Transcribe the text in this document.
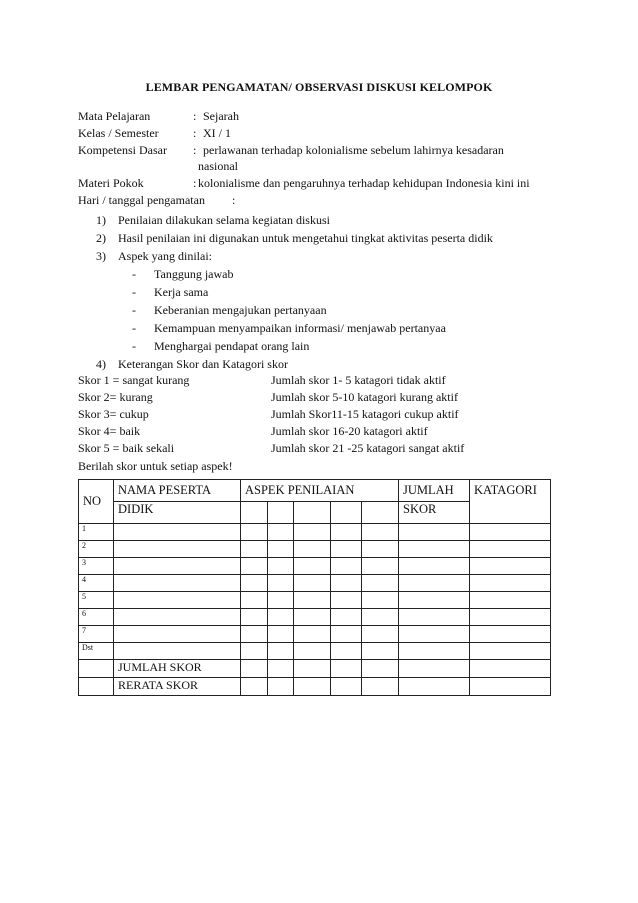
LEMBAR PENGAMATAN/ OBSERVASI DISKUSI KELOMPOK
Mata Pelajaran	: Sejarah
Kelas / Semester	: XI / 1
Kompetensi Dasar : perlawanan terhadap kolonialisme sebelum lahirnya kesadaran
nasional
Materi Pokok	: kolonialisme dan pengaruhnya terhadap kehidupan Indonesia kini ini
Hari / tanggal pengamatan :
1) Penilaian dilakukan selama kegiatan diskusi
2) Hasil penilaian ini digunakan untuk mengetahui tingkat aktivitas peserta didik
3) Aspek yang dinilai:
- Tanggung jawab
- Kerja sama
- Keberanian mengajukan pertanyaan
- Kemampuan menyampaikan informasi/ menjawab pertanyaa
- Menghargai pendapat orang lain
4) Keterangan Skor dan Katagori skor
Skor 1 = sangat kurang	Jumlah skor 1- 5 katagori tidak aktif
Skor 2= kurang	Jumlah skor 5-10 katagori kurang aktif
Skor 3= cukup	Jumlah Skor11-15 katagori cukup aktif
Skor 4= baik	Jumlah skor 16-20 katagori aktif
Skor 5 = baik sekali	Jumlah skor 21 -25 katagori sangat aktif
Berilah skor untuk setiap aspek!
NO	NAMA PESERTA	ASPEK PENILAIAN					JUMLAH	KATAGORI
	DIDIK						SKOR	
1								
2								
3								
4								
5								
6								
7								
Dst								
	JUMLAH SKOR							
	RERATA SKOR							
